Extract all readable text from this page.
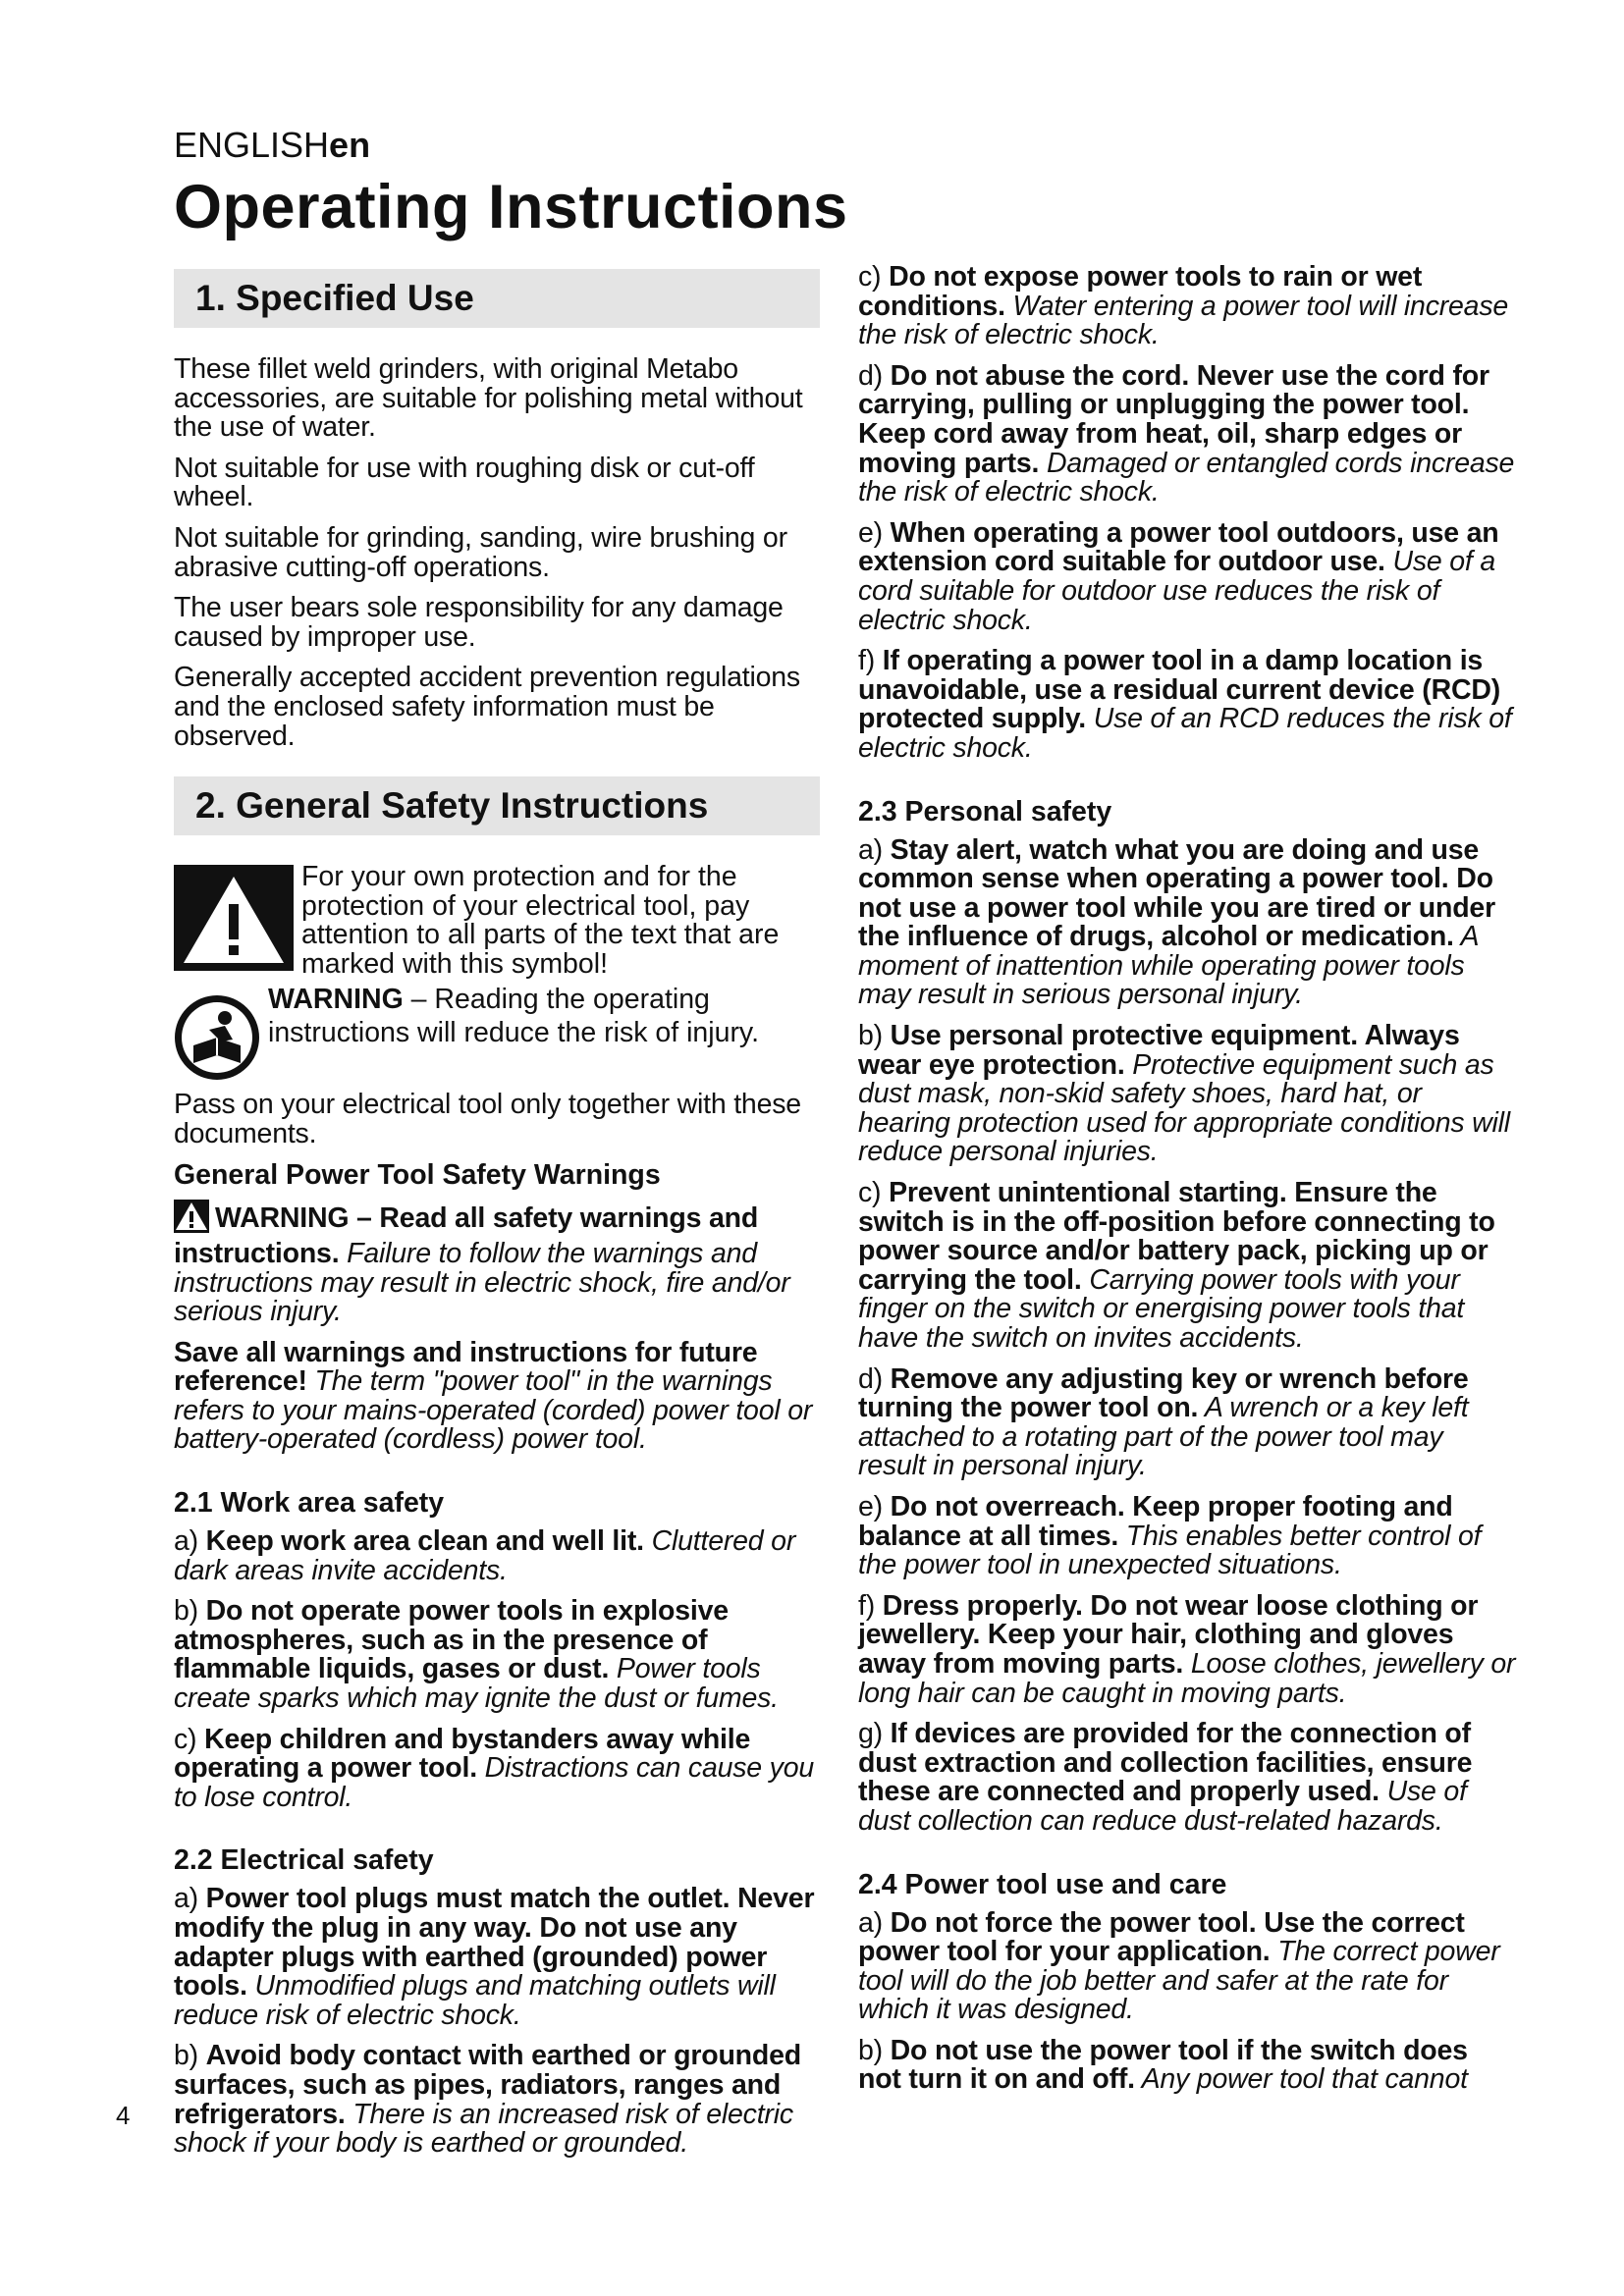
ENGLISHen
Operating Instructions
1. Specified Use

These fillet weld grinders, with original Metabo accessories, are suitable for polishing metal without the use of water.

Not suitable for use with roughing disk or cut-off wheel.

Not suitable for grinding, sanding, wire brushing or abrasive cutting-off operations.

The user bears sole responsibility for any damage caused by improper use.

Generally accepted accident prevention regulations and the enclosed safety information must be observed.

2. General Safety Instructions
For your own protection and for the protection of your electrical tool, pay attention to all parts of the text that are marked with this symbol!
WARNING – Reading the operating instructions will reduce the risk of injury.

Pass on your electrical tool only together with these documents.

General Power Tool Safety Warnings

WARNING – Read all safety warnings and instructions. Failure to follow the warnings and instructions may result in electric shock, fire and/or serious injury.

Save all warnings and instructions for future reference! The term "power tool" in the warnings refers to your mains-operated (corded) power tool or battery-operated (cordless) power tool.

2.1 Work area safety

a) Keep work area clean and well lit. Cluttered or dark areas invite accidents.

b) Do not operate power tools in explosive atmospheres, such as in the presence of flammable liquids, gases or dust. Power tools create sparks which may ignite the dust or fumes.

c) Keep children and bystanders away while operating a power tool. Distractions can cause you to lose control.

2.2 Electrical safety

a) Power tool plugs must match the outlet. Never modify the plug in any way. Do not use any adapter plugs with earthed (grounded) power tools. Unmodified plugs and matching outlets will reduce risk of electric shock.

b) Avoid body contact with earthed or grounded surfaces, such as pipes, radiators, ranges and refrigerators. There is an increased risk of electric shock if your body is earthed or grounded.

c) Do not expose power tools to rain or wet conditions. Water entering a power tool will increase the risk of electric shock.

d) Do not abuse the cord. Never use the cord for carrying, pulling or unplugging the power tool. Keep cord away from heat, oil, sharp edges or moving parts. Damaged or entangled cords increase the risk of electric shock.

e) When operating a power tool outdoors, use an extension cord suitable for outdoor use. Use of a cord suitable for outdoor use reduces the risk of electric shock.

f) If operating a power tool in a damp location is unavoidable, use a residual current device (RCD) protected supply. Use of an RCD reduces the risk of electric shock.

2.3 Personal safety

a) Stay alert, watch what you are doing and use common sense when operating a power tool. Do not use a power tool while you are tired or under the influence of drugs, alcohol or medication. A moment of inattention while operating power tools may result in serious personal injury.

b) Use personal protective equipment. Always wear eye protection. Protective equipment such as dust mask, non-skid safety shoes, hard hat, or hearing protection used for appropriate conditions will reduce personal injuries.

c) Prevent unintentional starting. Ensure the switch is in the off-position before connecting to power source and/or battery pack, picking up or carrying the tool. Carrying power tools with your finger on the switch or energising power tools that have the switch on invites accidents.

d) Remove any adjusting key or wrench before turning the power tool on. A wrench or a key left attached to a rotating part of the power tool may result in personal injury.

e) Do not overreach. Keep proper footing and balance at all times. This enables better control of the power tool in unexpected situations.

f) Dress properly. Do not wear loose clothing or jewellery. Keep your hair, clothing and gloves away from moving parts. Loose clothes, jewellery or long hair can be caught in moving parts.

g) If devices are provided for the connection of dust extraction and collection facilities, ensure these are connected and properly used. Use of dust collection can reduce dust-related hazards.

2.4 Power tool use and care

a) Do not force the power tool. Use the correct power tool for your application. The correct power tool will do the job better and safer at the rate for which it was designed.

b) Do not use the power tool if the switch does not turn it on and off. Any power tool that cannot

4
